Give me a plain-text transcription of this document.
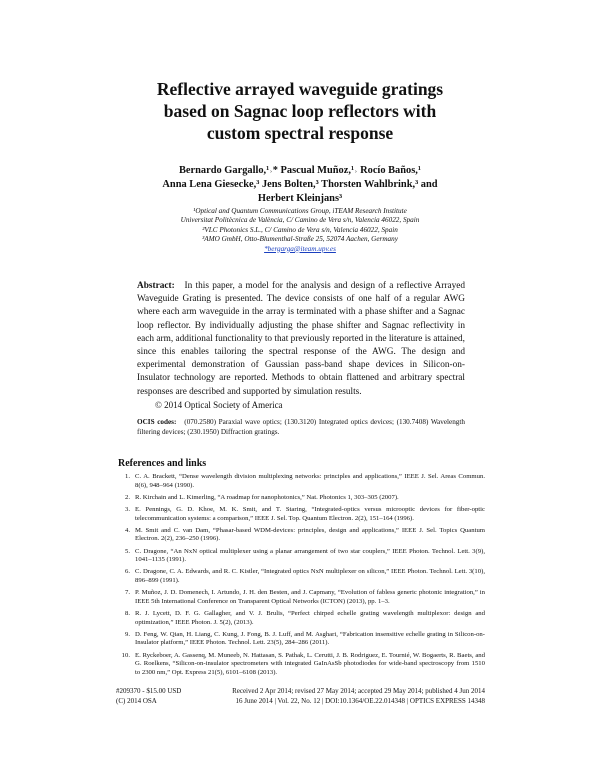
Reflective arrayed waveguide gratings
based on Sagnac loop reflectors with
custom spectral response
Bernardo Gargallo,¹˒* Pascual Muñoz,¹˒ Rocío Baños,¹
Anna Lena Giesecke,³ Jens Bolten,³ Thorsten Wahlbrink,³ and
Herbert Kleinjans³
¹Optical and Quantum Communications Group, iTEAM Research Institute
Universitat Politècnica de València, C/ Camino de Vera s/n, Valencia 46022, Spain
²VLC Photonics S.L., C/ Camino de Vera s/n, Valencia 46022, Spain
³AMO GmbH, Otto-Blumenthal-Straße 25, 52074 Aachen, Germany
*bergarga@iteam.upv.es
Abstract: In this paper, a model for the analysis and design of a reflective Arrayed Waveguide Grating is presented. The device consists of one half of a regular AWG where each arm waveguide in the array is terminated with a phase shifter and a Sagnac loop reflector. By individually adjusting the phase shifter and Sagnac reflectivity in each arm, additional functionality to that previously reported in the literature is attained, since this enables tailoring the spectral response of the AWG. The design and experimental demonstration of Gaussian pass-band shape devices in Silicon-on-Insulator technology are reported. Methods to obtain flattened and arbitrary spectral responses are described and supported by simulation results.
© 2014 Optical Society of America
OCIS codes: (070.2580) Paraxial wave optics; (130.3120) Integrated optics devices; (130.7408) Wavelength filtering devices; (230.1950) Diffraction gratings.
References and links
1. C. A. Brackett, “Dense wavelength division multiplexing networks: principles and applications,” IEEE J. Sel. Areas Commun. 8(6), 948–964 (1990).
2. R. Kirchain and L. Kimerling, “A roadmap for nanophotonics,” Nat. Photonics 1, 303–305 (2007).
3. E. Pennings, G. D. Khoe, M. K. Smit, and T. Staring, “Integrated-optics versus microoptic devices for fiber-optic telecommunication systems: a comparison,” IEEE J. Sel. Top. Quantum Electron. 2(2), 151–164 (1996).
4. M. Smit and C. van Dam, “Phasar-based WDM-devices: principles, design and applications,” IEEE J. Sel. Topics Quantum Electron. 2(2), 236–250 (1996).
5. C. Dragone, “An NxN optical multiplexer using a planar arrangement of two star couplers,” IEEE Photon. Technol. Lett. 3(9), 1041–1135 (1991).
6. C. Dragone, C. A. Edwards, and R. C. Kistler, “Integrated optics NxN multiplexer on silicon,” IEEE Photon. Technol. Lett. 3(10), 896–899 (1991).
7. P. Muñoz, J. D. Domenech, I. Artundo, J. H. den Besten, and J. Capmany, “Evolution of fabless generic photonic integration,” in IEEE 5th International Conference on Transparent Optical Networks (ICTON) (2013), pp. 1–3.
8. R. J. Lycett, D. F. G. Gallagher, and V. J. Brulis, “Perfect chirped echelle grating wavelength multiplexor: design and optimization,” IEEE Photon. J. 5(2), (2013).
9. D. Feng, W. Qian, H. Liang, C. Kung, J. Fong, B. J. Luff, and M. Asghari, “Fabrication insensitive echelle grating in Silicon-on-Insulator platform,” IEEE Photon. Technol. Lett. 23(5), 284–286 (2011).
10. E. Ryckeboer, A. Gassenq, M. Muneeb, N. Hattasan, S. Pathak, L. Cerutti, J. B. Rodriguez, E. Tournié, W. Bogaerts, R. Baets, and G. Roelkens, “Silicon-on-insulator spectrometers with integrated GaInAsSb photodiodes for wide-band spectroscopy from 1510 to 2300 nm,” Opt. Express 21(5), 6101–6108 (2013).
#209370 - $15.00 USD
(C) 2014 OSA
Received 2 Apr 2014; revised 27 May 2014; accepted 29 May 2014; published 4 Jun 2014
16 June 2014 | Vol. 22, No. 12 | DOI:10.1364/OE.22.014348 | OPTICS EXPRESS 14348
